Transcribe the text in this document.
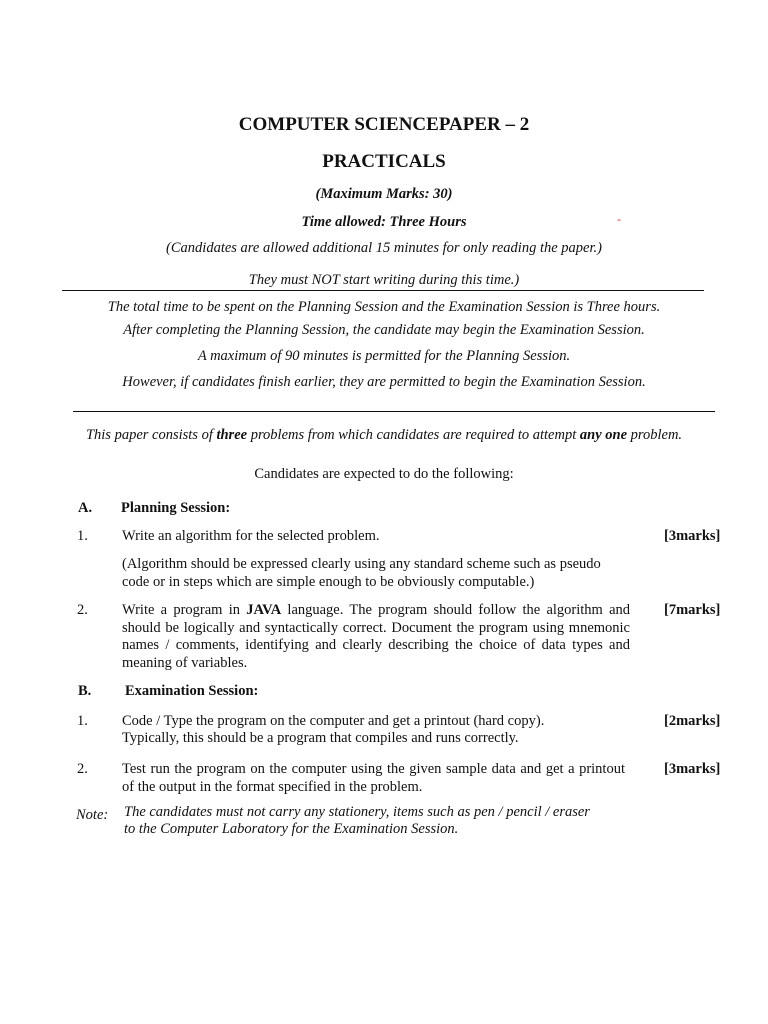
COMPUTER SCIENCEPAPER – 2
PRACTICALS
(Maximum Marks: 30)
Time allowed: Three Hours	-
(Candidates are allowed additional 15 minutes for only reading the paper.)
They must NOT start writing during this time.)
The total time to be spent on the Planning Session and the Examination Session is Three hours.
After completing the Planning Session, the candidate may begin the Examination Session.
A maximum of 90 minutes is permitted for the Planning Session.
However, if candidates finish earlier, they are permitted to begin the Examination Session.
This paper consists of three problems from which candidates are required to attempt any one problem.
Candidates are expected to do the following:
A. Planning Session:
1. Write an algorithm for the selected problem.	[3marks]
(Algorithm should be expressed clearly using any standard scheme such as pseudo code or in steps which are simple enough to be obviously computable.)
2. Write a program in JAVA language. The program should follow the algorithm and should be logically and syntactically correct. Document the program using mnemonic names / comments, identifying and clearly describing the choice of data types and meaning of variables.
[7marks]
B. Examination Session:
1. Code / Type the program on the computer and get a printout (hard copy).
Typically, this should be a program that compiles and runs correctly.
[2marks]
2. Test run the program on the computer using the given sample data and get a printout of the output in the format specified in the problem.
[3marks]
Note: The candidates must not carry any stationery, items such as pen / pencil / eraser
to the Computer Laboratory for the Examination Session.
